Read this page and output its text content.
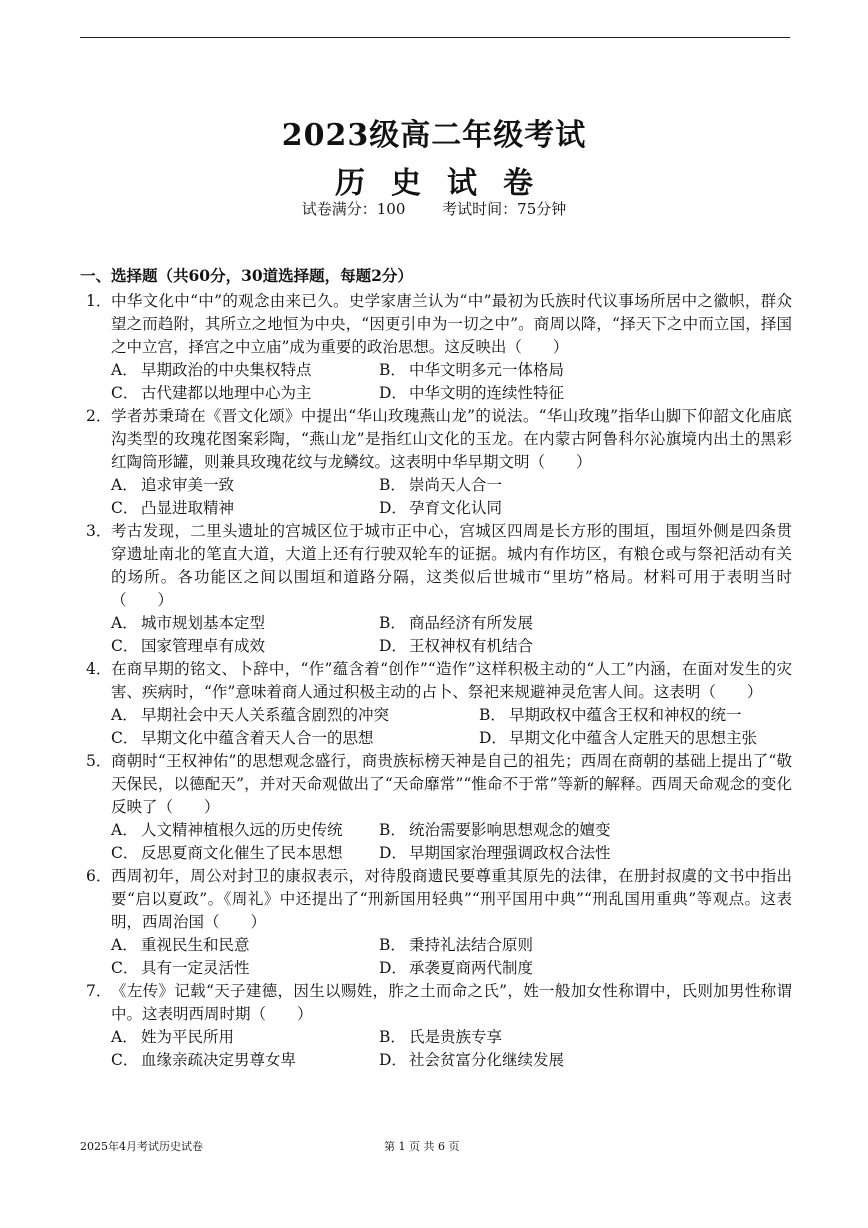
2023级高二年级考试
历史试卷
试卷满分：100 考试时间：75分钟
一、选择题（共60分，30道选择题，每题2分）
1． 中华文化中“中”的观念由来已久。史学家唐兰认为“中”最初为氏族时代议事场所居中之徽帜，群众望之而趋附，其所立之地恒为中央，“因更引申为一切之中”。商周以降，“择天下之中而立国，择国之中立宫，择宫之中立庙”成为重要的政治思想。这反映出（　　）
A． 早期政治的中央集权特点	B． 中华文明多元一体格局
C． 古代建都以地理中心为主	D． 中华文明的连续性特征
2． 学者苏秉琦在《晋文化颂》中提出“华山玫瑰燕山龙”的说法。“华山玫瑰”指华山脚下仰韶文化庙底沟类型的玫瑰花图案彩陶，“燕山龙”是指红山文化的玉龙。在内蒙古阿鲁科尔沁旗境内出土的黑彩红陶筒形罐，则兼具玫瑰花纹与龙鳞纹。这表明中华早期文明（　　）
A． 追求审美一致	B． 崇尚天人合一
C． 凸显进取精神	D． 孕育文化认同
3． 考古发现，二里头遗址的宫城区位于城市正中心，宫城区四周是长方形的围垣，围垣外侧是四条贯穿遗址南北的笔直大道，大道上还有行驶双轮车的证据。城内有作坊区，有粮仓或与祭祀活动有关的场所。各功能区之间以围垣和道路分隔，这类似后世城市“里坊”格局。材料可用于表明当时（　　）
A． 城市规划基本定型	B． 商品经济有所发展
C． 国家管理卓有成效	D． 王权神权有机结合
4． 在商早期的铭文、卜辞中，“作”蕴含着“创作”“造作”这样积极主动的“人工”内涵，在面对发生的灾害、疾病时，“作”意味着商人通过积极主动的占卜、祭祀来规避神灵危害人间。这表明（　　）
A． 早期社会中天人关系蕴含剧烈的冲突	B． 早期政权中蕴含王权和神权的统一
C． 早期文化中蕴含着天人合一的思想	D． 早期文化中蕴含人定胜天的思想主张
5． 商朝时“王权神佑”的思想观念盛行，商贵族标榜天神是自己的祖先；西周在商朝的基础上提出了“敬天保民，以德配天”，并对天命观做出了“天命靡常”“惟命不于常”等新的解释。西周天命观念的变化反映了（　　）
A． 人文精神植根久远的历史传统	B． 统治需要影响思想观念的嬗变
C． 反思夏商文化催生了民本思想	D． 早期国家治理强调政权合法性
6． 西周初年，周公对封卫的康叔表示，对待殷商遗民要尊重其原先的法律，在册封叔虞的文书中指出要“启以夏政”。《周礼》中还提出了“刑新国用轻典”“刑平国用中典”“刑乱国用重典”等观点。这表明，西周治国（　　）
A． 重视民生和民意	B． 秉持礼法结合原则
C． 具有一定灵活性	D． 承袭夏商两代制度
7． 《左传》记载“天子建德，因生以赐姓，胙之土而命之氏”，姓一般加女性称谓中，氏则加男性称谓中。这表明西周时期（　　）
A． 姓为平民所用	B． 氏是贵族专享
C． 血缘亲疏决定男尊女卑	D． 社会贫富分化继续发展
2025年4月考试历史试卷	第 1 页 共 6 页
